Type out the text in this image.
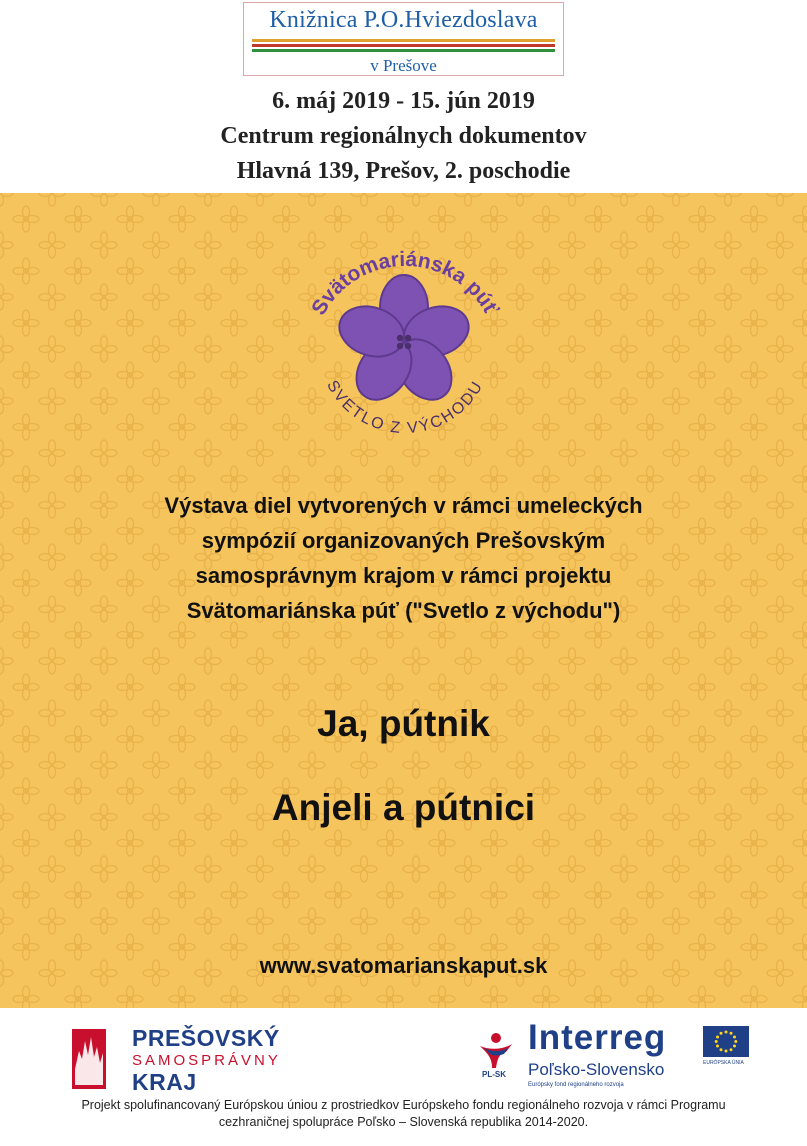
Knižnica P.O.Hviezdoslava
v Prešove
6. máj 2019 - 15. jún 2019
Centrum regionálnych dokumentov
Hlavná 139, Prešov, 2. poschodie
Svätomariánska púť
SVETLO Z VÝCHODU
Výstava diel vytvorených v rámci umeleckých
sympózií organizovaných Prešovským
samosprávnym krajom v rámci projektu
Svätomariánska púť ("Svetlo z východu")
Ja, pútnik
Anjeli a pútnici
www.svatomarianskaput.sk
PREŠOVSKÝ
SAMOSPRÁVNY
KRAJ	PL-SK
Interreg
Poľsko-Slovensko
Európsky fond regionálneho rozvoja
EURÓPSKA ÚNIA
Projekt spolufinancovaný Európskou úniou z prostriedkov Európskeho fondu regionálneho rozvoja v rámci Programu
cezhraničnej spolupráce Poľsko – Slovenská republika 2014-2020.
